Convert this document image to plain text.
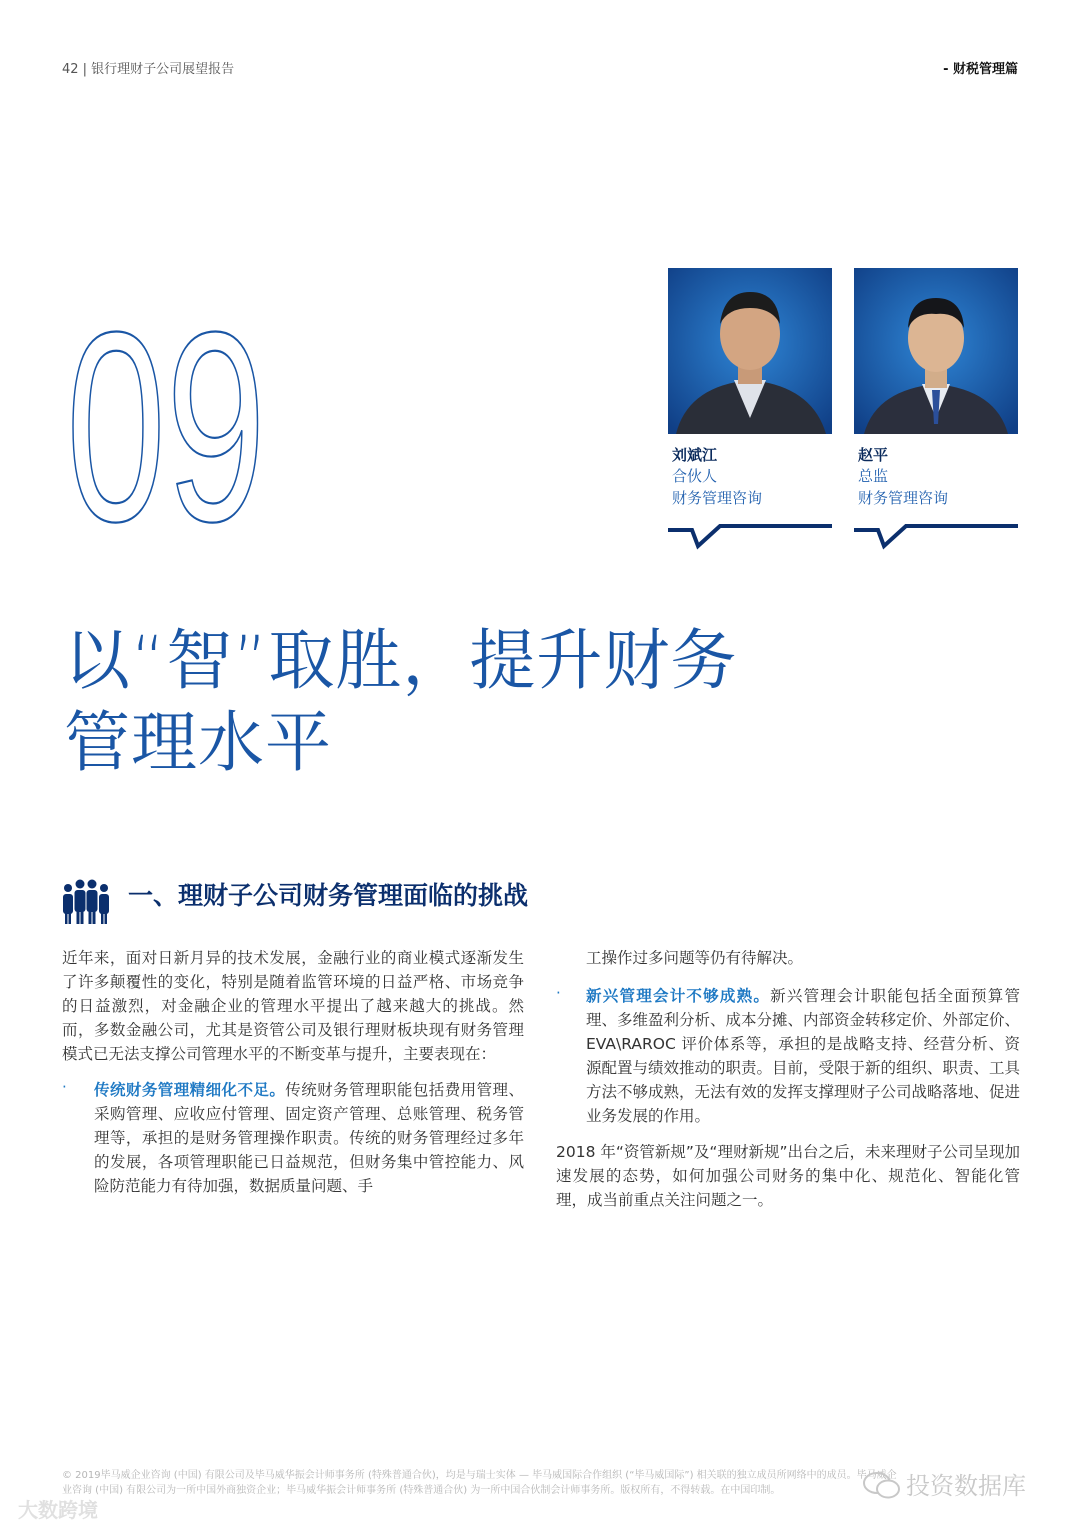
42 | 银行理财子公司展望报告	- 财税管理篇
09	刘斌江
合伙人
财务管理咨询
赵平
总监
财务管理咨询
以“智”取胜，提升财务
管理水平
一、理财子公司财务管理面临的挑战
近年来，面对日新月异的技术发展，金融行业的商业模式逐渐发生了许多颠覆性的变化，特别是随着监管环境的日益严格、市场竞争的日益激烈，对金融企业的管理水平提出了越来越大的挑战。然而，多数金融公司，尤其是资管公司及银行理财板块现有财务管理模式已无法支撑公司管理水平的不断变革与提升，主要表现在：
·	传统财务管理精细化不足。传统财务管理职能包括费用管理、采购管理、应收应付管理、固定资产管理、总账管理、税务管理等，承担的是财务管理操作职责。传统的财务管理经过多年的发展，各项管理职能已日益规范，但财务集中管控能力、风险防范能力有待加强，数据质量问题、手
工操作过多问题等仍有待解决。
·	新兴管理会计不够成熟。新兴管理会计职能包括全面预算管理、多维盈利分析、成本分摊、内部资金转移定价、外部定价、EVA\RAROC 评价体系等，承担的是战略支持、经营分析、资源配置与绩效推动的职责。目前，受限于新的组织、职责、工具方法不够成熟，无法有效的发挥支撑理财子公司战略落地、促进业务发展的作用。
2018 年“资管新规”及“理财新规”出台之后，未来理财子公司呈现加速发展的态势，如何加强公司财务的集中化、规范化、智能化管理，成当前重点关注问题之一。
© 2019毕马威企业咨询 (中国) 有限公司及毕马威华振会计师事务所 (特殊普通合伙)，均是与瑞士实体 — 毕马威国际合作组织 (“毕马威国际”) 相关联的独立成员所网络中的成员。毕马威企
业咨询 (中国) 有限公司为一所中国外商独资企业；毕马威华振会计师事务所 (特殊普通合伙) 为一所中国合伙制会计师事务所。版权所有，不得转载。在中国印制。
大数跨境
投资数据库
